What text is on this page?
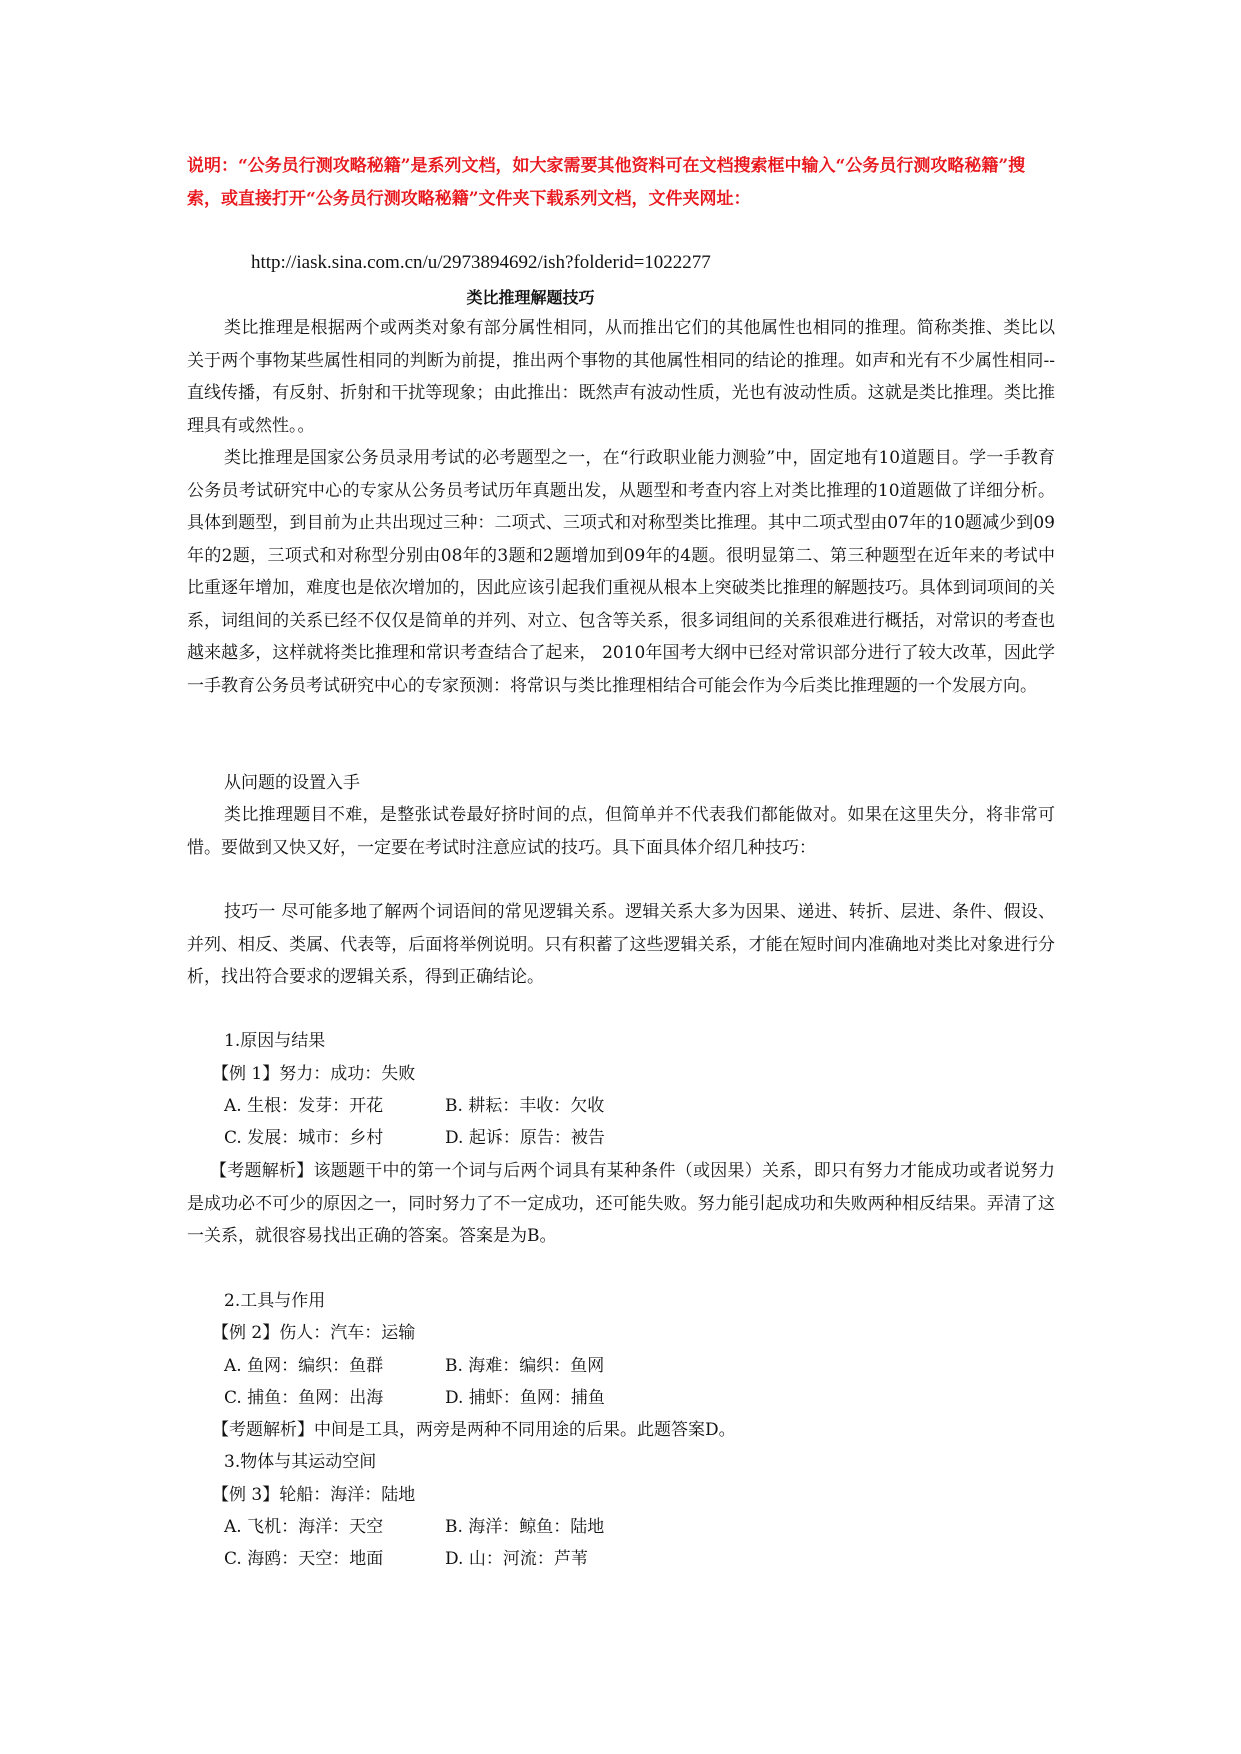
说明：“公务员行测攻略秘籍”是系列文档，如大家需要其他资料可在文档搜索框中输入“公务员行测攻略秘籍”搜索，或直接打开“公务员行测攻略秘籍”文件夹下载系列文档，文件夹网址：

http://iask.sina.com.cn/u/2973894692/ish?folderid=1022277

类比推理解题技巧

类比推理是根据两个或两类对象有部分属性相同，从而推出它们的其他属性也相同的推理。简称类推、类比以关于两个事物某些属性相同的判断为前提，推出两个事物的其他属性相同的结论的推理。如声和光有不少属性相同--直线传播，有反射、折射和干扰等现象；由此推出：既然声有波动性质，光也有波动性质。这就是类比推理。类比推理具有或然性。。

类比推理是国家公务员录用考试的必考题型之一，在“行政职业能力测验”中，固定地有10道题目。学一手教育公务员考试研究中心的专家从公务员考试历年真题出发，从题型和考查内容上对类比推理的10道题做了详细分析。具体到题型，到目前为止共出现过三种：二项式、三项式和对称型类比推理。其中二项式型由07年的10题减少到09年的2题，三项式和对称型分别由08年的3题和2题增加到09年的4题。很明显第二、第三种题型在近年来的考试中比重逐年增加，难度也是依次增加的，因此应该引起我们重视从根本上突破类比推理的解题技巧。具体到词项间的关系，词组间的关系已经不仅仅是简单的并列、对立、包含等关系，很多词组间的关系很难进行概括，对常识的考查也越来越多，这样就将类比推理和常识考查结合了起来， 2010年国考大纲中已经对常识部分进行了较大改革，因此学一手教育公务员考试研究中心的专家预测：将常识与类比推理相结合可能会作为今后类比推理题的一个发展方向。

从问题的设置入手

类比推理题目不难，是整张试卷最好挤时间的点，但简单并不代表我们都能做对。如果在这里失分，将非常可惜。要做到又快又好，一定要在考试时注意应试的技巧。具下面具体介绍几种技巧：

技巧一 尽可能多地了解两个词语间的常见逻辑关系。逻辑关系大多为因果、递进、转折、层进、条件、假设、并列、相反、类属、代表等，后面将举例说明。只有积蓄了这些逻辑关系，才能在短时间内准确地对类比对象进行分析，找出符合要求的逻辑关系，得到正确结论。

1.原因与结果

【例 1】努力：成功：失败

A. 生根：发芽：开花	B. 耕耘：丰收：欠收

C. 发展：城市：乡村	D. 起诉：原告：被告

【考题解析】该题题干中的第一个词与后两个词具有某种条件（或因果）关系，即只有努力才能成功或者说努力是成功必不可少的原因之一，同时努力了不一定成功，还可能失败。努力能引起成功和失败两种相反结果。弄清了这一关系，就很容易找出正确的答案。答案是为B。

2.工具与作用

【例 2】伤人：汽车：运输

A. 鱼网：编织：鱼群	B. 海难：编织：鱼网

C. 捕鱼：鱼网：出海	D. 捕虾：鱼网：捕鱼

【考题解析】中间是工具，两旁是两种不同用途的后果。此题答案D。

3.物体与其运动空间

【例 3】轮船：海洋：陆地

A. 飞机：海洋：天空	B. 海洋：鲸鱼：陆地

C. 海鸥：天空：地面	D. 山：河流：芦苇
